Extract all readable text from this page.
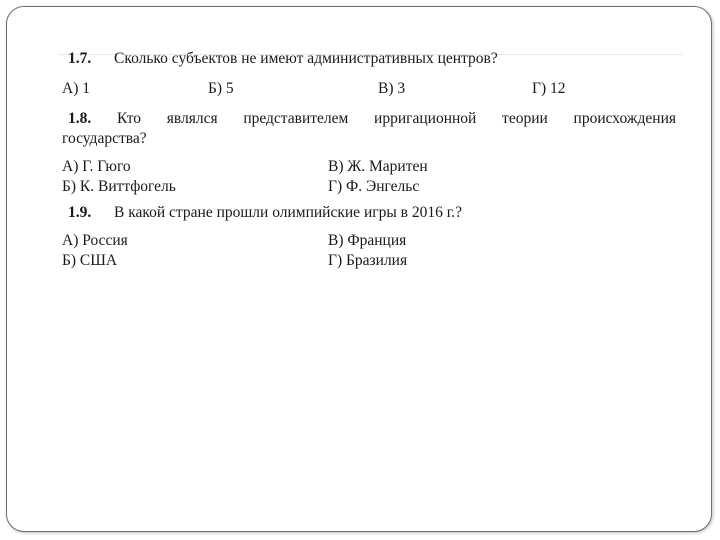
1.7. Сколько субъектов не имеют административных центров?
А) 1	Б) 5	В) 3	Г) 12
1.8. Кто являлся представителем ирригационной теории происхождения
государства?
А) Г. Гюго	В) Ж. Маритен
Б) К. Виттфогель	Г) Ф. Энгельс
1.9. В какой стране прошли олимпийские игры в 2016 г.?
А) Россия	В) Франция
Б) США	Г) Бразилия
